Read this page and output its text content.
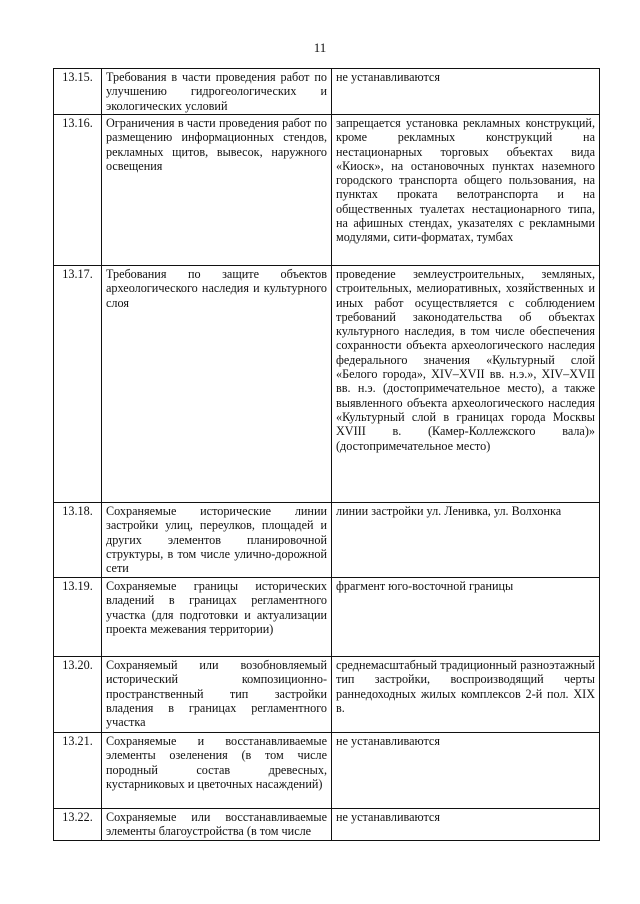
11
13.15.	Требования в части проведения работ по улучшению гидрогеологических и экологических условий	не устанавливаются
13.16.	Ограничения в части проведения работ по размещению информационных стендов, рекламных щитов, вывесок, наружного освещения	запрещается установка рекламных конструкций, кроме рекламных конструкций на нестационарных торговых объектах вида «Киоск», на остановочных пунктах наземного городского транспорта общего пользования, на пунктах проката велотранспорта и на общественных туалетах нестационарного типа, на афишных стендах, указателях с рекламными модулями, сити-форматах, тумбах
13.17.	Требования по защите объектов археологического наследия и культурного слоя	проведение землеустроительных, земляных, строительных, мелиоративных, хозяйственных и иных работ осуществляется с соблюдением требований законодательства об объектах культурного наследия, в том числе обеспечения сохранности объекта археологического наследия федерального значения «Культурный слой «Белого города», XIV–XVII вв. н.э.», XIV–XVII вв. н.э. (достопримечательное место), а также выявленного объекта археологического наследия «Культурный слой в границах города Москвы XVIII в. (Камер-Коллежского вала)» (достопримечательное место)
13.18.	Сохраняемые исторические линии застройки улиц, переулков, площадей и других элементов планировочной структуры, в том числе улично-дорожной сети	линии застройки ул. Ленивка, ул. Волхонка
13.19.	Сохраняемые границы исторических владений в границах регламентного участка (для подготовки и актуализации проекта межевания территории)	фрагмент юго-восточной границы
13.20.	Сохраняемый или возобновляемый исторический композиционно-пространственный тип застройки владения в границах регламентного участка	среднемасштабный традиционный разноэтажный тип застройки, воспроизводящий черты раннедоходных жилых комплексов 2-й пол. XIX в.
13.21.	Сохраняемые и восстанавливаемые элементы озеленения (в том числе породный состав древесных, кустарниковых и цветочных насаждений)	не устанавливаются
13.22.	Сохраняемые или восстанавливаемые элементы благоустройства (в том числе	не устанавливаются
